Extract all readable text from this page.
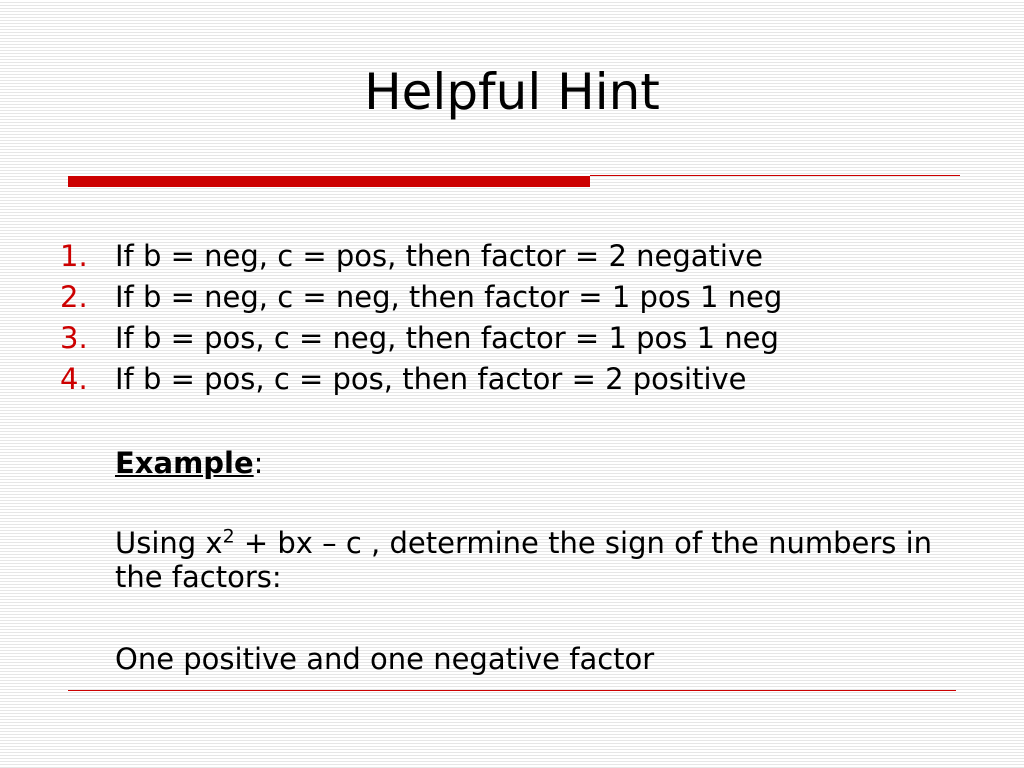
Helpful Hint
1. If b = neg, c = pos, then factor = 2 negative
2. If b = neg, c = neg, then factor = 1 pos 1 neg
3. If b = pos, c = neg, then factor = 1 pos 1 neg
4. If b = pos, c = pos, then factor = 2 positive

Example:

Using $x^2$ + bx – c , determine the sign of the numbers in the factors:

One positive and one negative factor
